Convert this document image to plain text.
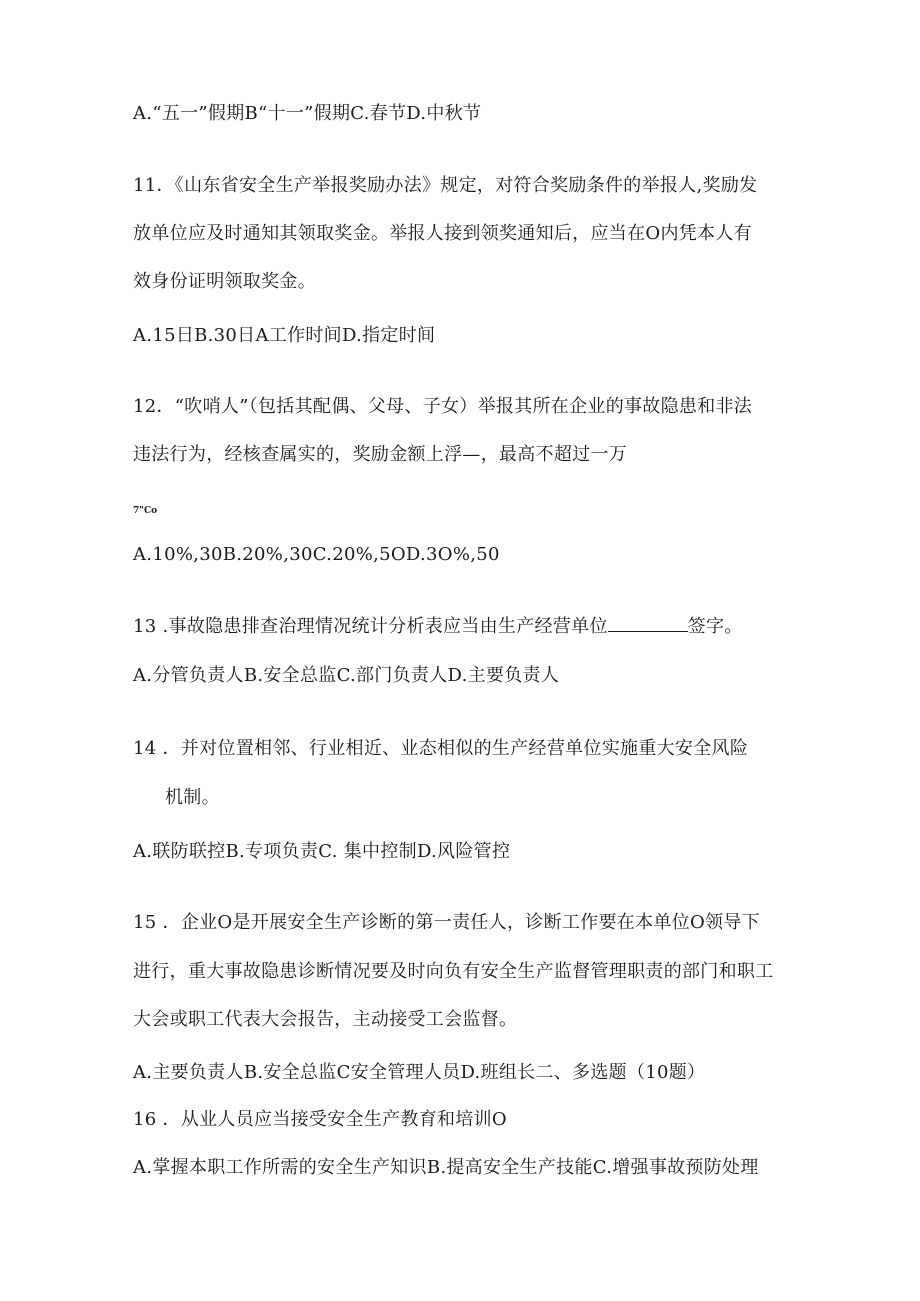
A.“五一”假期B“十一”假期C.春节D.中秋节
11．《山东省安全生产举报奖励办法》规定，对符合奖励条件的举报人,奖励发
放单位应及时通知其领取奖金。举报人接到领奖通知后，应当在O内凭本人有
效身份证明领取奖金。
A.15日B.30日A工作时间D.指定时间
12．“吹哨人”（包括其配偶、父母、子女）举报其所在企业的事故隐患和非法
违法行为，经核查属实的，奖励金额上浮—，最高不超过一万
7"Co
A.10%,30B.20%,30C.20%,5OD.3O%,50
13 .事故隐患排查治理情况统计分析表应当由生产经营单位	签字。
A.分管负责人B.安全总监C.部门负责人D.主要负责人
14 ．并对位置相邻、行业相近、业态相似的生产经营单位实施重大安全风险
机制。
A.联防联控B.专项负责C. 集中控制D.风险管控
15 ．企业O是开展安全生产诊断的第一责任人，诊断工作要在本单位O领导下
进行，重大事故隐患诊断情况要及时向负有安全生产监督管理职责的部门和职工
大会或职工代表大会报告，主动接受工会监督。
A.主要负责人B.安全总监C安全管理人员D.班组长二、多选题（10题）
16 ．从业人员应当接受安全生产教育和培训O
A.掌握本职工作所需的安全生产知识B.提高安全生产技能C.增强事故预防处理
